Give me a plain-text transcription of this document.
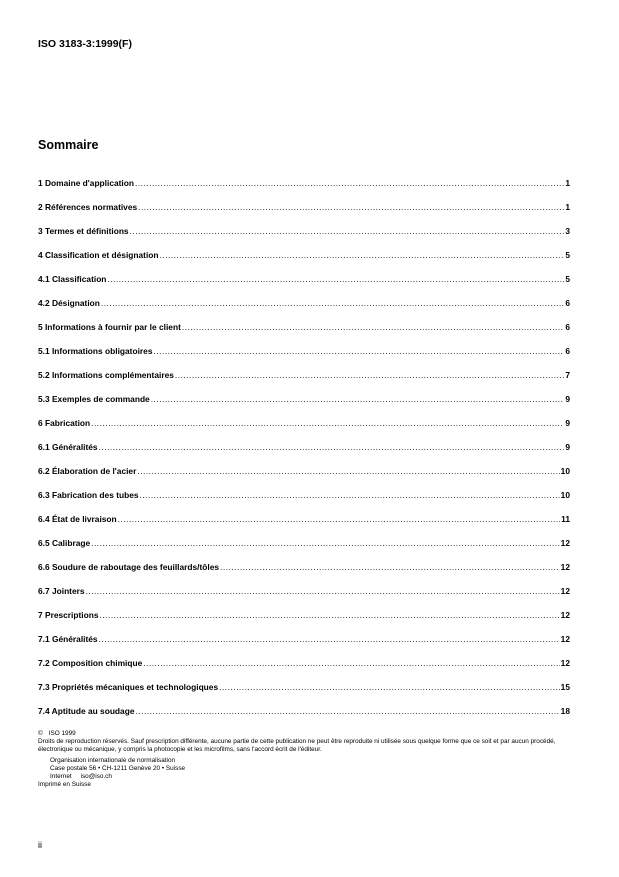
ISO 3183-3:1999(F)
Sommaire
1 Domaine d'application .....	1
2 Références normatives .....	1
3 Termes et définitions .....	3
4 Classification et désignation .....	5
4.1 Classification .....	5
4.2 Désignation .....	6
5 Informations à fournir par le client .....	6
5.1 Informations obligatoires .....	6
5.2 Informations complémentaires .....	7
5.3 Exemples de commande .....	9
6 Fabrication .....	9
6.1 Généralités .....	9
6.2 Élaboration de l'acier .....	10
6.3 Fabrication des tubes .....	10
6.4 État de livraison .....	11
6.5 Calibrage .....	12
6.6 Soudure de raboutage des feuillards/tôles .....	12
6.7 Jointers .....	12
7 Prescriptions .....	12
7.1 Généralités .....	12
7.2 Composition chimique .....	12
7.3 Propriétés mécaniques et technologiques .....	15
7.4 Aptitude au soudage .....	18
© ISO 1999
Droits de reproduction réservés. Sauf prescription différente, aucune partie de cette publication ne peut être reproduite ni utilisée sous quelque forme que ce soit et par aucun procédé, électronique ou mécanique, y compris la photocopie et les microfilms, sans l'accord écrit de l'éditeur.
Organisation internationale de normalisation
Case postale 56 • CH-1211 Genève 20 • Suisse
Internet iso@iso.ch
Imprimé en Suisse
ii
